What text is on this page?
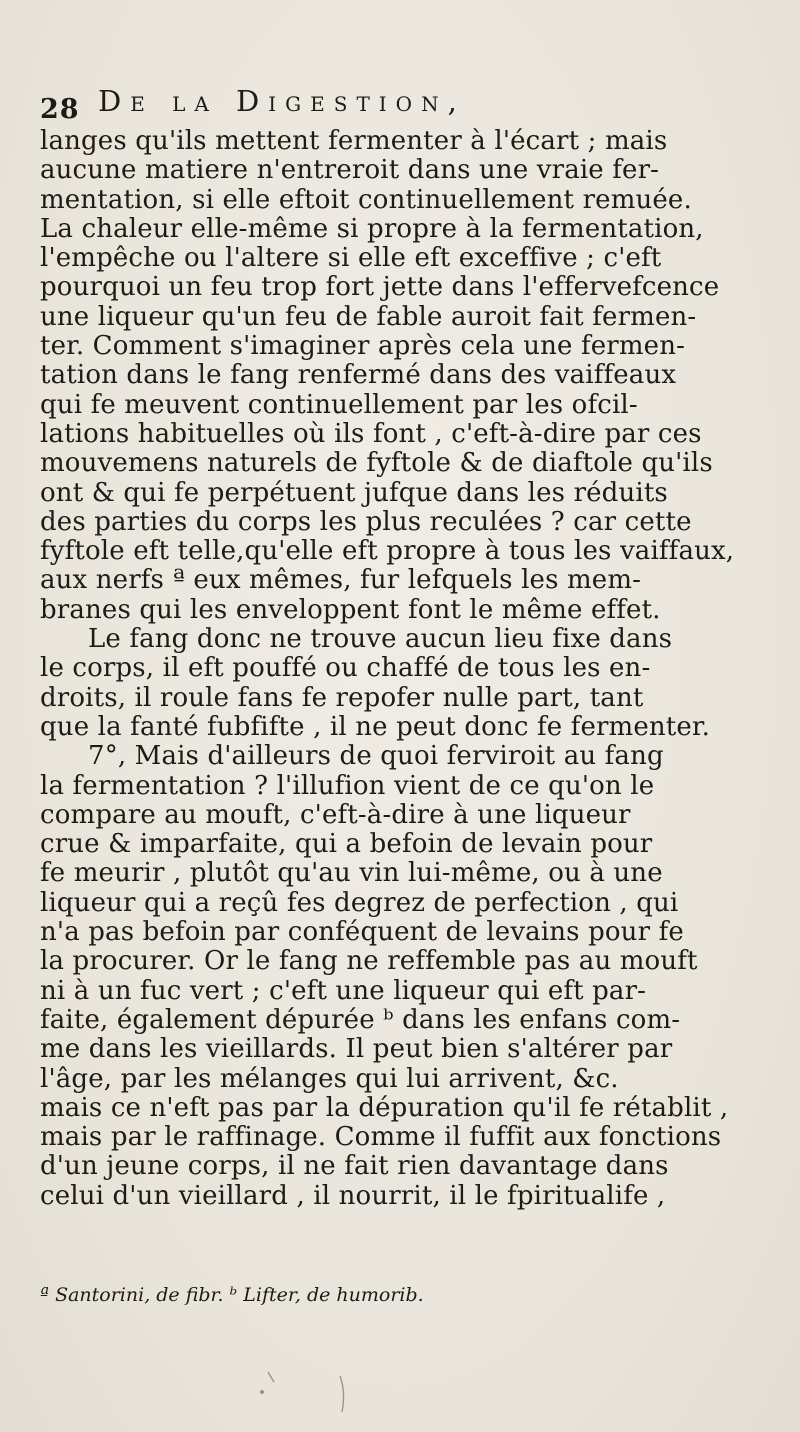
28 De la Digestion,
langes qu'ils mettent fermenter à l'écart ; mais
aucune matiere n'entreroit dans une vraie fer-
mentation, si elle eftoit continuellement remuée.
La chaleur elle-même si propre à la fermentation,
l'empêche ou l'altere si elle eft exceffive ; c'eft
pourquoi un feu trop fort jette dans l'effervefcence
une liqueur qu'un feu de fable auroit fait fermen-
ter. Comment s'imaginer après cela une fermen-
tation dans le fang renfermé dans des vaiffeaux
qui fe meuvent continuellement par les ofcil-
lations habituelles où ils font , c'eft-à-dire par ces
mouvemens naturels de fyftole & de diaftole qu'ils
ont & qui fe perpétuent jufque dans les réduits
des parties du corps les plus reculées ? car cette
fyftole eft telle,qu'elle eft propre à tous les vaiffaux,
aux nerfs ª eux mêmes, fur lefquels les mem-
branes qui les enveloppent font le même effet.
Le fang donc ne trouve aucun lieu fixe dans
le corps, il eft pouffé ou chaffé de tous les en-
droits, il roule fans fe repofer nulle part, tant
que la fanté fubfifte , il ne peut donc fe fermenter.
7°, Mais d'ailleurs de quoi ferviroit au fang
la fermentation ? l'illufion vient de ce qu'on le
compare au mouft, c'eft-à-dire à une liqueur
crue & imparfaite, qui a befoin de levain pour
fe meurir , plutôt qu'au vin lui-même, ou à une
liqueur qui a reçû fes degrez de perfection , qui
n'a pas befoin par conféquent de levains pour fe
la procurer. Or le fang ne reffemble pas au mouft
ni à un fuc vert ; c'eft une liqueur qui eft par-
faite, également dépurée ᵇ dans les enfans com-
me dans les vieillards. Il peut bien s'altérer par
l'âge, par les mélanges qui lui arrivent, &c.
mais ce n'eft pas par la dépuration qu'il fe rétablit ,
mais par le raffinage. Comme il fuffit aux fonctions
d'un jeune corps, il ne fait rien davantage dans
celui d'un vieillard , il nourrit, il le fpiritualife ,
ª Santorini, de fibr. ᵇ Lifter, de humorib.
